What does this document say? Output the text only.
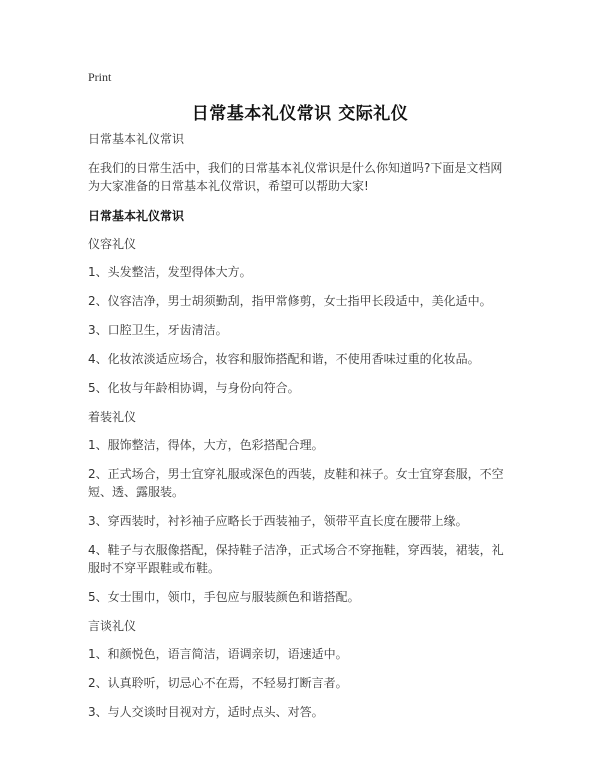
Print
日常基本礼仪常识 交际礼仪

日常基本礼仪常识

在我们的日常生活中，我们的日常基本礼仪常识是什么你知道吗?下面是文档网为大家准备的日常基本礼仪常识，希望可以帮助大家!

日常基本礼仪常识

仪容礼仪

1、头发整洁，发型得体大方。

2、仪容洁净，男士胡须勤刮，指甲常修剪，女士指甲长段适中，美化适中。

3、口腔卫生，牙齿清洁。

4、化妆浓淡适应场合，妆容和服饰搭配和谐，不使用香味过重的化妆品。

5、化妆与年龄相协调，与身份向符合。

着装礼仪

1、服饰整洁，得体，大方，色彩搭配合理。

2、正式场合，男士宜穿礼服或深色的西装，皮鞋和袜子。女士宜穿套服，不空短、透、露服装。

3、穿西装时，衬衫袖子应略长于西装袖子，领带平直长度在腰带上缘。

4、鞋子与衣服像搭配，保持鞋子洁净，正式场合不穿拖鞋，穿西装，裙装，礼服时不穿平跟鞋或布鞋。

5、女士围巾，领巾，手包应与服装颜色和谐搭配。

言谈礼仪

1、和颜悦色，语言简洁，语调亲切，语速适中。

2、认真聆听，切忌心不在焉，不轻易打断言者。

3、与人交谈时目视对方，适时点头、对答。
